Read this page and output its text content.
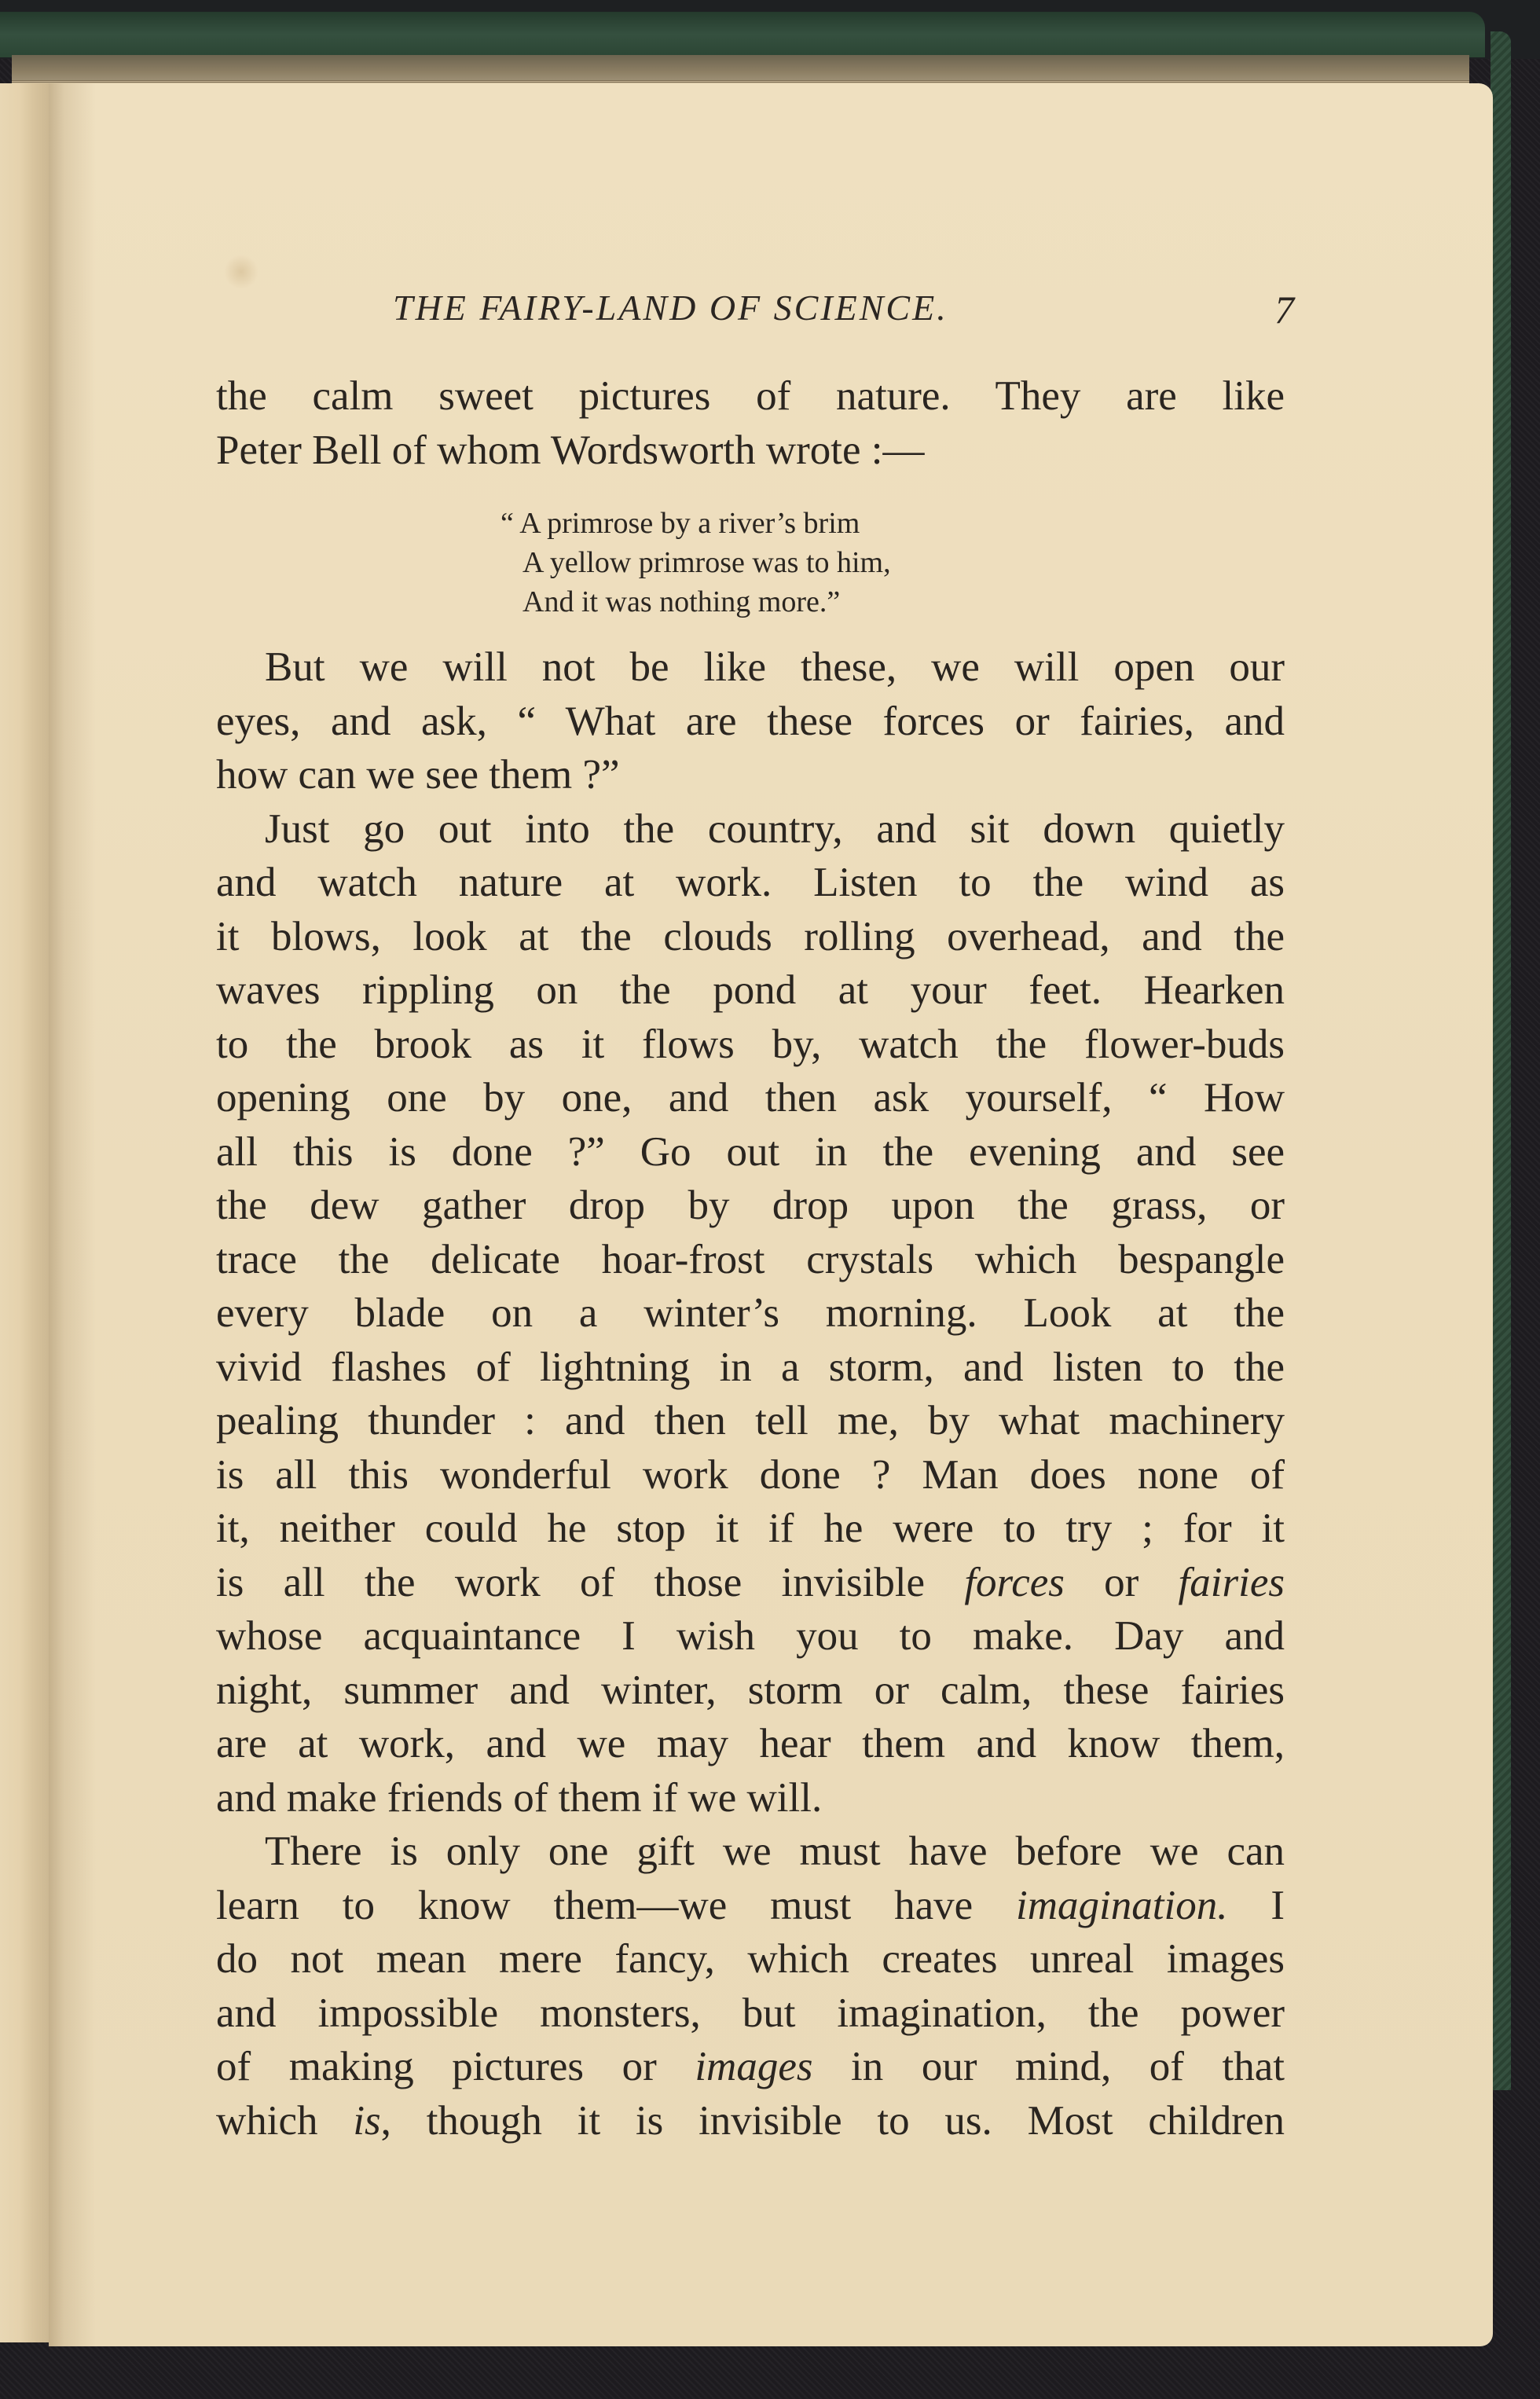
THE FAIRY-LAND OF SCIENCE.	7
the calm sweet pictures of nature. They are like
Peter Bell of whom Wordsworth wrote :—
“ A primrose by a river’s brim
A yellow primrose was to him,
And it was nothing more.”
But we will not be like these, we will open our
eyes, and ask, “ What are these forces or fairies, and
how can we see them ?”
Just go out into the country, and sit down quietly
and watch nature at work. Listen to the wind as
it blows, look at the clouds rolling overhead, and the
waves rippling on the pond at your feet. Hearken
to the brook as it flows by, watch the flower-buds
opening one by one, and then ask yourself, “ How
all this is done ?” Go out in the evening and see
the dew gather drop by drop upon the grass, or
trace the delicate hoar-frost crystals which bespangle
every blade on a winter’s morning. Look at the
vivid flashes of lightning in a storm, and listen to the
pealing thunder : and then tell me, by what machinery
is all this wonderful work done ? Man does none of
it, neither could he stop it if he were to try ; for it
is all the work of those invisible forces or fairies
whose acquaintance I wish you to make. Day and
night, summer and winter, storm or calm, these fairies
are at work, and we may hear them and know them,
and make friends of them if we will.
There is only one gift we must have before we can
learn to know them—we must have imagination. I
do not mean mere fancy, which creates unreal images
and impossible monsters, but imagination, the power
of making pictures or images in our mind, of that
which is, though it is invisible to us. Most children
